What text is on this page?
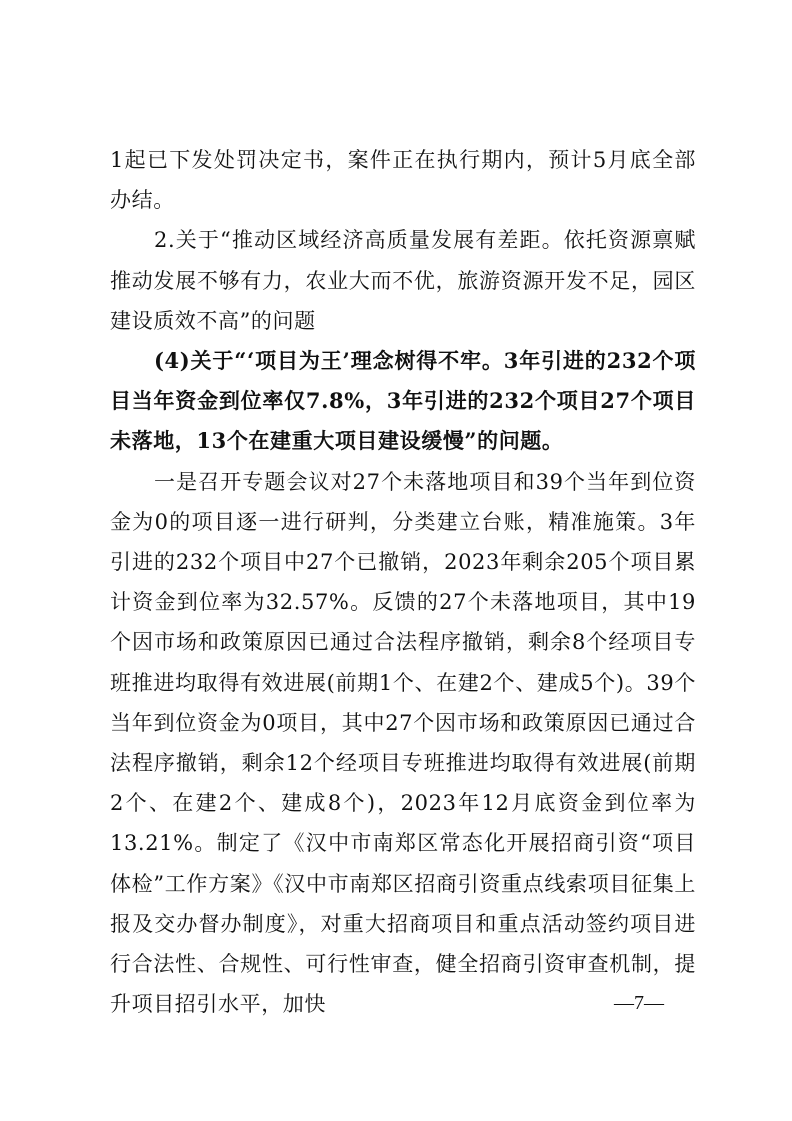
1起已下发处罚决定书，案件正在执行期内，预计5月底全部办结。

2.关于“推动区域经济高质量发展有差距。依托资源禀赋推动发展不够有力，农业大而不优，旅游资源开发不足，园区建设质效不高”的问题

(4)关于“‘项目为王’理念树得不牢。3年引进的232个项目当年资金到位率仅7.8%，3年引进的232个项目27个项目未落地，13个在建重大项目建设缓慢”的问题。

一是召开专题会议对27个未落地项目和39个当年到位资金为0的项目逐一进行研判，分类建立台账，精准施策。3年引进的232个项目中27个已撤销，2023年剩余205个项目累计资金到位率为32.57%。反馈的27个未落地项目，其中19个因市场和政策原因已通过合法程序撤销，剩余8个经项目专班推进均取得有效进展(前期1个、在建2个、建成5个)。39个当年到位资金为0项目，其中27个因市场和政策原因已通过合法程序撤销，剩余12个经项目专班推进均取得有效进展(前期2个、在建2个、建成8个)，2023年12月底资金到位率为13.21%。制定了《汉中市南郑区常态化开展招商引资“项目体检”工作方案》《汉中市南郑区招商引资重点线索项目征集上报及交办督办制度》，对重大招商项目和重点活动签约项目进行合法性、合规性、可行性审查，健全招商引资审查机制，提升项目招引水平，加快	—7—
